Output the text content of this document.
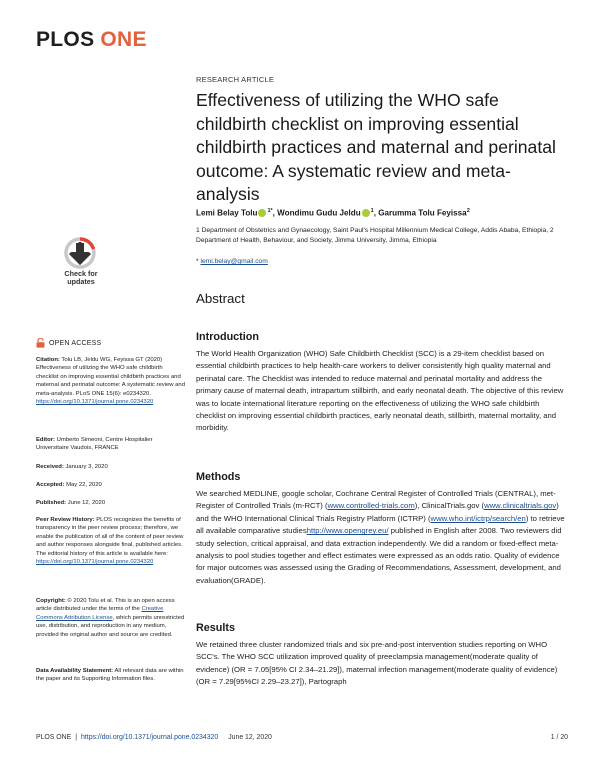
PLOS ONE
RESEARCH ARTICLE
Effectiveness of utilizing the WHO safe childbirth checklist on improving essential childbirth practices and maternal and perinatal outcome: A systematic review and meta-analysis
Lemi Belay Tolu $^{1*}$, Wondimu Gudu Jeldu $^1$, Garumma Tolu Feyissa$^2$
1 Department of Obstetrics and Gynaecology, Saint Paul's Hospital Millennium Medical College, Addis Ababa, Ethiopia, 2 Department of Health, Behaviour, and Society, Jimma University, Jimma, Ethiopia
* lemi.belay@gmail.com
Check for
updates
Abstract
OPEN ACCESS
Citation: Tolu LB, Jeldu WG, Feyissa GT (2020) Effectiveness of utilizing the WHO safe childbirth checklist on improving essential childbirth practices and maternal and perinatal outcome: A systematic review and meta-analysis. PLoS ONE 15(6): e0234320. https://doi.org/10.1371/journal.pone.0234320
Editor: Umberto Simeoni, Centre Hospitalier Universitaire Vaudois, FRANCE
Received: January 3, 2020
Accepted: May 22, 2020
Published: June 12, 2020
Peer Review History: PLOS recognizes the benefits of transparency in the peer review process; therefore, we enable the publication of all of the content of peer review and author responses alongside final, published articles. The editorial history of this article is available here: https://doi.org/10.1371/journal.pone.0234320
Copyright: © 2020 Tolu et al. This is an open access article distributed under the terms of the Creative Commons Attribution License, which permits unrestricted use, distribution, and reproduction in any medium, provided the original author and source are credited.
Data Availability Statement: All relevant data are within the paper and its Supporting Information files.
Introduction
The World Health Organization (WHO) Safe Childbirth Checklist (SCC) is a 29-item checklist based on essential childbirth practices to help health-care workers to deliver consistently high quality maternal and perinatal care. The Checklist was intended to reduce maternal and perinatal mortality and address the primary cause of maternal death, intrapartum stillbirth, and early neonatal death. The objective of this review was to locate international literature reporting on the effectiveness of utilizing the WHO safe childbirth checklist on improving essential childbirth practices, early neonatal death, stillbirth, maternal mortality, and morbidity.
Methods
We searched MEDLINE, google scholar, Cochrane Central Register of Controlled Trials (CENTRAL), met-Register of Controlled Trials (m-RCT) (www.controlled-trials.com), ClinicalTrials.gov (www.clinicaltrials.gov) and the WHO International Clinical Trials Registry Platform (ICTRP) (www.who.int/ictrp/search/en) to retrieve all available comparative studieshttp://www.opengrey.eu/ published in English after 2008. Two reviewers did study selection, critical appraisal, and data extraction independently. We did a random or fixed-effect meta-analysis to pool studies together and effect estimates were expressed as an odds ratio. Quality of evidence for major outcomes was assessed using the Grading of Recommendations, Assessment, development, and evaluation(GRADE).
Results
We retained three cluster randomized trials and six pre-and-post intervention studies reporting on WHO SCC's. The WHO SCC utilization improved quality of preeclampsia management(moderate quality of evidence) (OR = 7.05[95% CI 2.34–21.29]), maternal infection management(moderate quality of evidence) (OR = 7.29[95%CI 2.29–23.27]), Partograph
PLOS ONE | https://doi.org/10.1371/journal.pone.0234320 June 12, 2020	1 / 20
